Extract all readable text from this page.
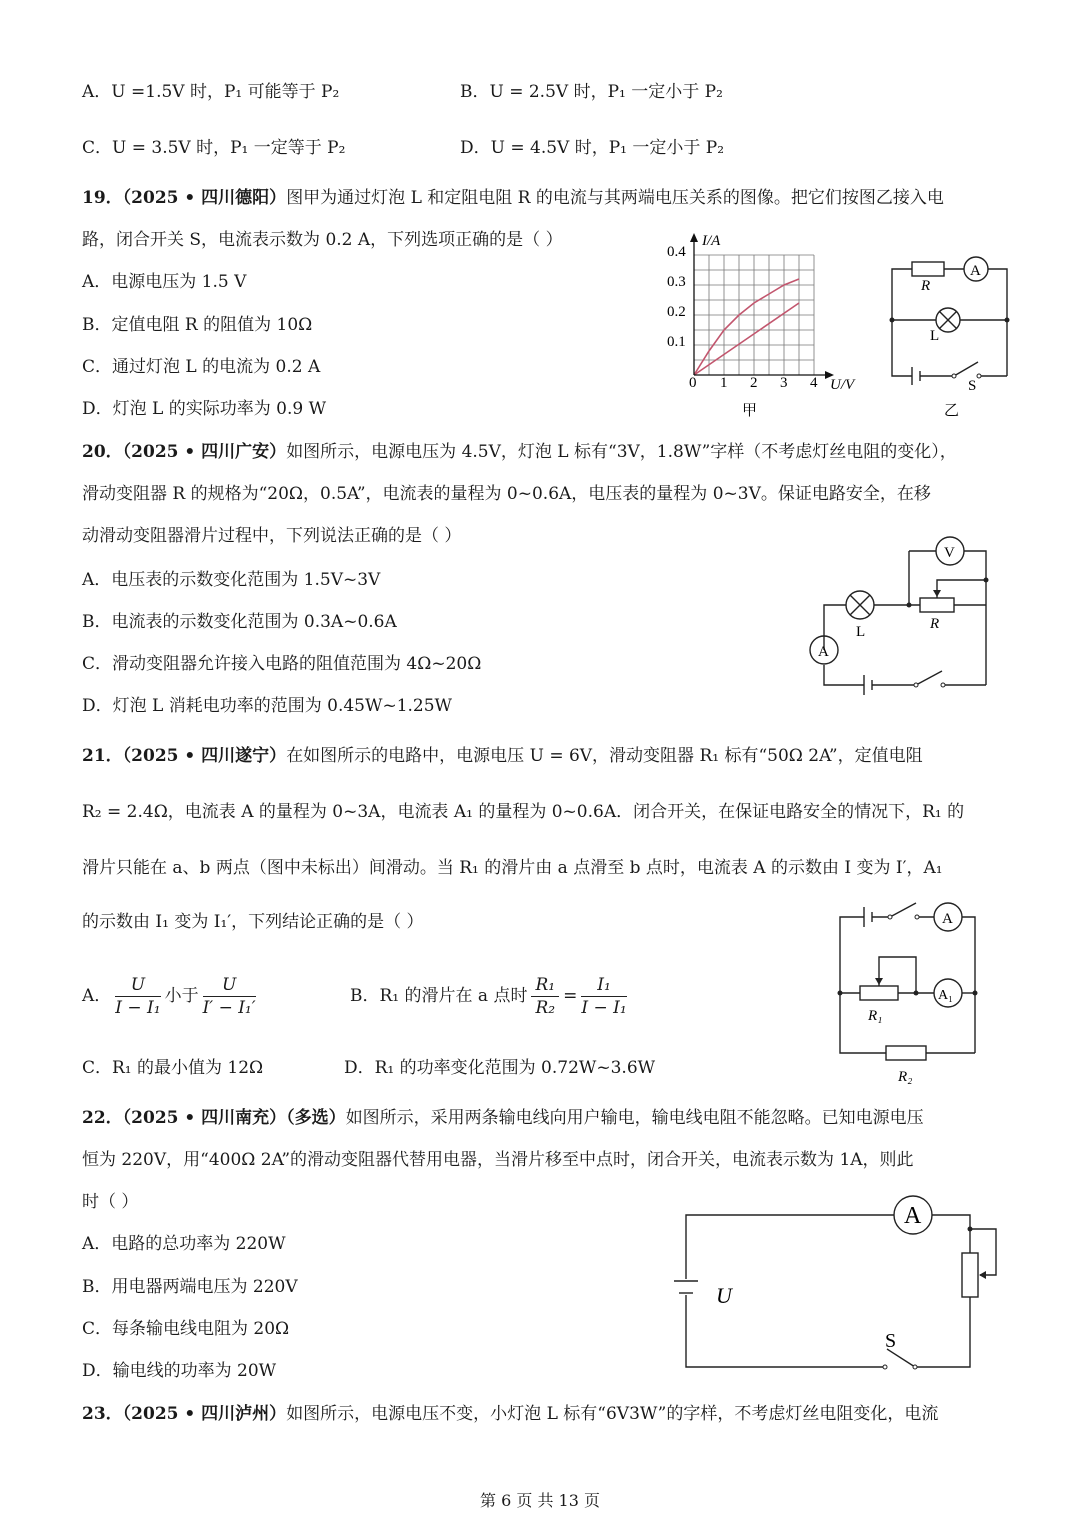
A．U =1.5V 时，P₁ 可能等于 P₂	B．U = 2.5V 时，P₁ 一定小于 P₂
C．U = 3.5V 时，P₁ 一定等于 P₂	D．U = 4.5V 时，P₁ 一定小于 P₂
19．（2025 • 四川德阳）图甲为通过灯泡 L 和定阻电阻 R 的电流与其两端电压关系的图像。把它们按图乙接入电
路，闭合开关 S，电流表示数为 0.2 A，下列选项正确的是（ ）
A．电源电压为 1.5 V
B．定值电阻 R 的阻值为 10Ω
C．通过灯泡 L 的电流为 0.2 A
D．灯泡 L 的实际功率为 0.9 W
I/A
U/V
0.4
0.3
0.2
0.1
0 1 2 3 4
甲
A
R
L
S
乙
20．（2025 • 四川广安）如图所示，电源电压为 4.5V，灯泡 L 标有“3V，1.8W”字样（不考虑灯丝电阻的变化），
滑动变阻器 R 的规格为“20Ω，0.5A”，电流表的量程为 0~0.6A，电压表的量程为 0~3V。保证电路安全，在移
动滑动变阻器滑片过程中，下列说法正确的是（ ）
A．电压表的示数变化范围为 1.5V~3V
B．电流表的示数变化范围为 0.3A~0.6A
C．滑动变阻器允许接入电路的阻值范围为 4Ω~20Ω
D．灯泡 L 消耗电功率的范围为 0.45W~1.25W
V
A
L	R
21．（2025 • 四川遂宁）在如图所示的电路中，电源电压 U = 6V，滑动变阻器 R₁ 标有“50Ω 2A”，定值电阻
R₂ = 2.4Ω，电流表 A 的量程为 0~3A，电流表 A₁ 的量程为 0~0.6A．闭合开关，在保证电路安全的情况下，R₁ 的
滑片只能在 a、b 两点（图中未标出）间滑动。当 R₁ 的滑片由 a 点滑至 b 点时，电流表 A 的示数由 I 变为 I′，A₁
的示数由 I₁ 变为 I₁′，下列结论正确的是（ ）
A． $\frac{U}{\text{I − I₁}}$ 小于 $\frac{U}{\text{I′ − I₁′}}$	B．R₁ 的滑片在 a 点时 $\frac{\text{R₁}}{\text{R₂}} = \frac{\text{I₁}}{\text{I − I₁}}$
C．R₁ 的最小值为 12Ω	D．R₁ 的功率变化范围为 0.72W~3.6W
A
A₁
R₁
R₂
22．（2025 • 四川南充）（多选）如图所示，采用两条输电线向用户输电，输电线电阻不能忽略。已知电源电压
恒为 220V，用“400Ω 2A”的滑动变阻器代替用电器，当滑片移至中点时，闭合开关，电流表示数为 1A，则此
时（ ）
A．电路的总功率为 220W
B．用电器两端电压为 220V
C．每条输电线电阻为 20Ω
D．输电线的功率为 20W
A
U
S
23．（2025 • 四川泸州）如图所示，电源电压不变，小灯泡 L 标有“6V3W”的字样，不考虑灯丝电阻变化，电流
第 6 页 共 13 页
